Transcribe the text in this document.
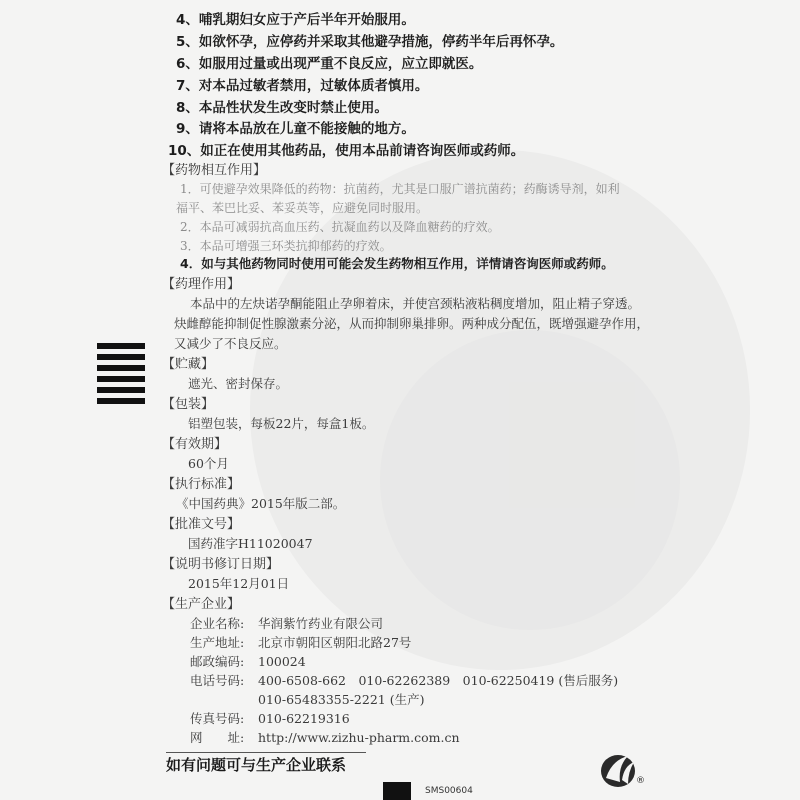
4、哺乳期妇女应于产后半年开始服用。
5、如欲怀孕，应停药并采取其他避孕措施，停药半年后再怀孕。
6、如服用过量或出现严重不良反应，应立即就医。
7、对本品过敏者禁用，过敏体质者慎用。
8、本品性状发生改变时禁止使用。
9、请将本品放在儿童不能接触的地方。
10、如正在使用其他药品，使用本品前请咨询医师或药师。
【药物相互作用】
1．可使避孕效果降低的药物：抗菌药，尤其是口服广谱抗菌药；药酶诱导剂，如利
福平、苯巴比妥、苯妥英等，应避免同时服用。
2．本品可减弱抗高血压药、抗凝血药以及降血糖药的疗效。
3．本品可增强三环类抗抑郁药的疗效。
4．如与其他药物同时使用可能会发生药物相互作用，详情请咨询医师或药师。
【药理作用】
本品中的左炔诺孕酮能阻止孕卵着床，并使宫颈粘液粘稠度增加，阻止精子穿透。
炔雌醇能抑制促性腺激素分泌，从而抑制卵巢排卵。两种成分配伍，既增强避孕作用，
又减少了不良反应。
【贮藏】
遮光、密封保存。
【包装】
铝塑包装，每板22片，每盒1板。
【有效期】
60个月
【执行标准】
《中国药典》2015年版二部。
【批准文号】
国药准字H11020047
【说明书修订日期】
2015年12月01日
【生产企业】
企业名称: 华润紫竹药业有限公司
生产地址: 北京市朝阳区朝阳北路27号
邮政编码: 100024
电话号码: 400-6508-662　010-62262389　010-62250419 (售后服务)
010-65483355-2221 (生产)
传真号码: 010-62219316
网　　址: http://www.zizhu-pharm.com.cn
如有问题可与生产企业联系
®
SMS00604
